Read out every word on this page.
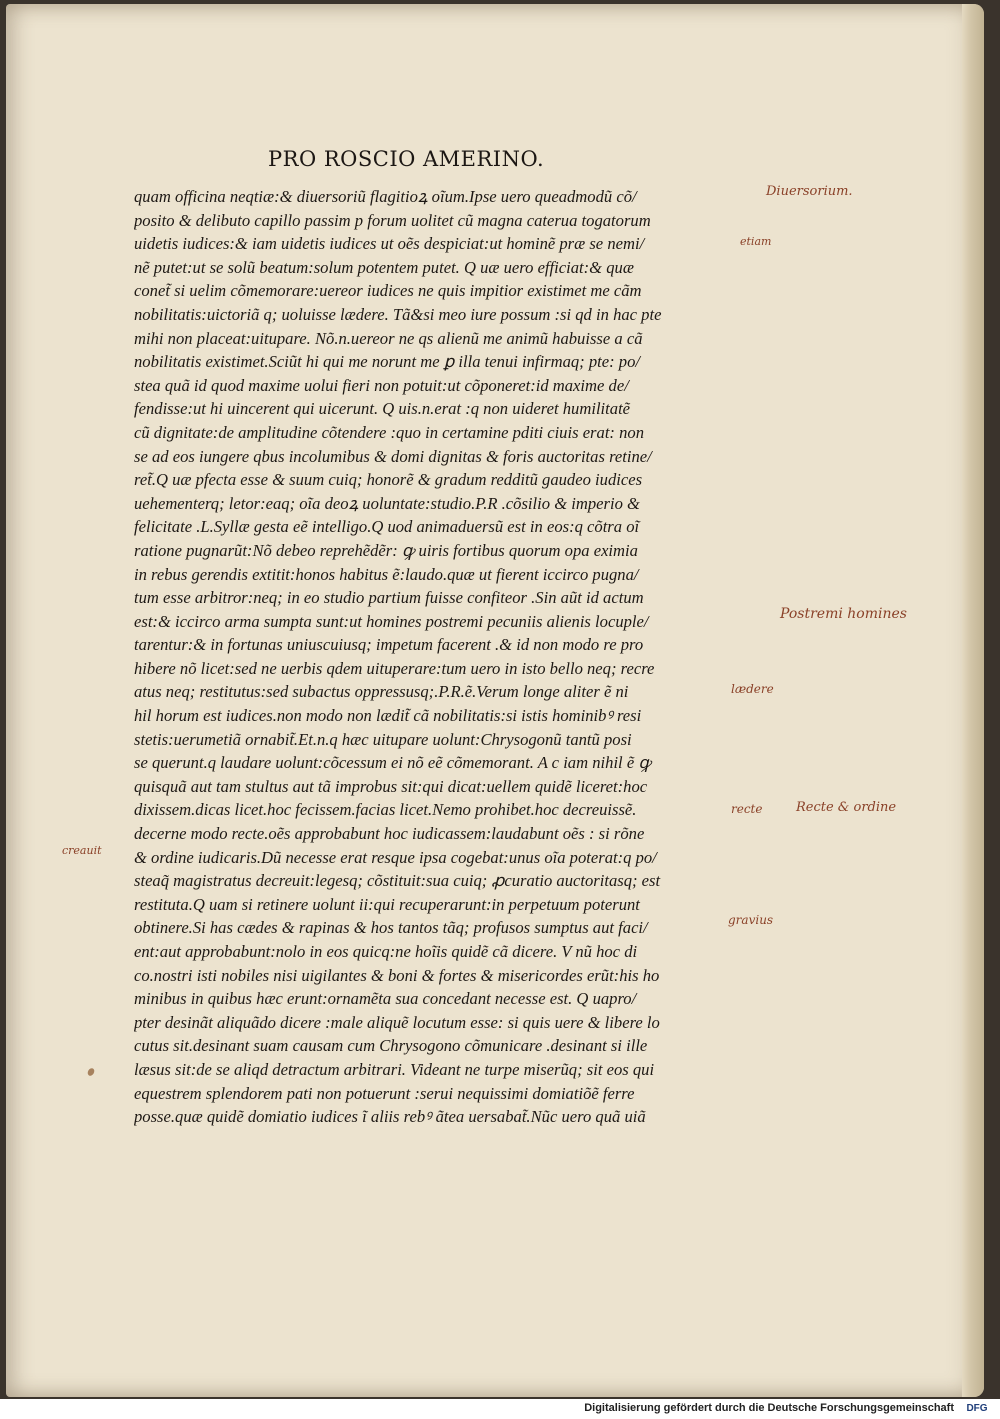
PRO ROSCIO AMERINO.
quam officina neqtiæ:& diuersoriũ flagitioꝝ oĩum.Ipse uero queadmodũ cõ/
posito & delibuto capillo passim p forum uolitet cũ magna caterua togatorum
uidetis iudices:& iam uidetis iudices ut oẽs despiciat:ut hominẽ præ se nemi/
nẽ putet:ut se solũ beatum:solum potentem putet. Q uæ uero efficiat:& quæ
conet̃ si uelim cõmemorare:uereor iudices ne quis impitior existimet me cãm
nobilitatis:uictoriã q; uoluisse lædere. Tã&si meo iure possum :si qd in hac pte
mihi non placeat:uitupare. Nõ.n.uereor ne qs alienũ me animũ habuisse a cã
nobilitatis existimet.Sciũt hi qui me norunt me ꝑ illa tenui infirmaq; pte: po/
stea quã id quod maxime uolui fieri non potuit:ut cõponeret:id maxime de/
fendisse:ut hi uincerent qui uicerunt. Q uis.n.erat :q non uideret humilitatẽ
cũ dignitate:de amplitudine cõtendere :quo in certamine pditi ciuis erat: non
se ad eos iungere qbus incolumibus & domi dignitas & foris auctoritas retine/
ret̃.Q uæ pfecta esse & suum cuiq; honorẽ & gradum redditũ gaudeo iudices
uehementerq; letor:eaq; oĩa deoꝝ uoluntate:studio.P.R .cõsilio & imperio &
felicitate .L.Syllæ gesta eẽ intelligo.Q uod animaduersũ est in eos:q cõtra oĩ
ratione pugnarũt:Nõ debeo reprehẽdẽr: ꝙ uiris fortibus quorum opa eximia
in rebus gerendis extitit:honos habitus ẽ:laudo.quæ ut fierent iccirco pugna/
tum esse arbitror:neq; in eo studio partium fuisse confiteor .Sin aũt id actum
est:& iccirco arma sumpta sunt:ut homines postremi pecuniis alienis locuple/
tarentur:& in fortunas uniuscuiusq; impetum facerent .& id non modo re pro
hibere nõ licet:sed ne uerbis qdem uituperare:tum uero in isto bello neq; recre
atus neq; restitutus:sed subactus oppressusq;.P.R.ẽ.Verum longe aliter ẽ ni
hil horum est iudices.non modo non lædit̃ cã nobilitatis:si istis hominibꝰ resi
stetis:uerumetiã ornabit̃.Et.n.q hæc uitupare uolunt:Chrysogonũ tantũ posi
se querunt.q laudare uolunt:cõcessum ei nõ eẽ cõmemorant. A c iam nihil ẽ ꝙ
quisquã aut tam stultus aut tã improbus sit:qui dicat:uellem quidẽ liceret:hoc
dixissem.dicas licet.hoc fecissem.facias licet.Nemo prohibet.hoc decreuissẽ.
decerne modo recte.oẽs approbabunt hoc iudicassem:laudabunt oẽs : si rõne
& ordine iudicaris.Dũ necesse erat resque ipsa cogebat:unus oĩa poterat:q po/
steaq̃ magistratus decreuit:legesq; cõstituit:sua cuiq; ꝓcuratio auctoritasq; est
restituta.Q uam si retinere uolunt ii:qui recuperarunt:in perpetuum poterunt
obtinere.Si has cædes & rapinas & hos tantos tãq; profusos sumptus aut faci/
ent:aut approbabunt:nolo in eos quicq:ne hoĩis quidẽ cã dicere. V nũ hoc di
co.nostri isti nobiles nisi uigilantes & boni & fortes & misericordes erũt:his ho
minibus in quibus hæc erunt:ornamẽta sua concedant necesse est. Q uapro/
pter desinãt aliquãdo dicere :male aliquẽ locutum esse: si quis uere & libere lo
cutus sit.desinant suam causam cum Chrysogono cõmunicare .desinant si ille
læsus sit:de se aliqd detractum arbitrari. Videant ne turpe miserũq; sit eos qui
equestrem splendorem pati non potuerunt :serui nequissimi domiatiõẽ ferre
posse.quæ quidẽ domiatio iudices ĩ aliis rebꝰ ãtea uersabat̃.Nũc uero quã uiã
Diuersorium.
etiam
Postremi homines
lædere
recte	Recte & ordine
creauit
gravius
Digitalisierung gefördert durch die Deutsche Forschungsgemeinschaft	DFG
